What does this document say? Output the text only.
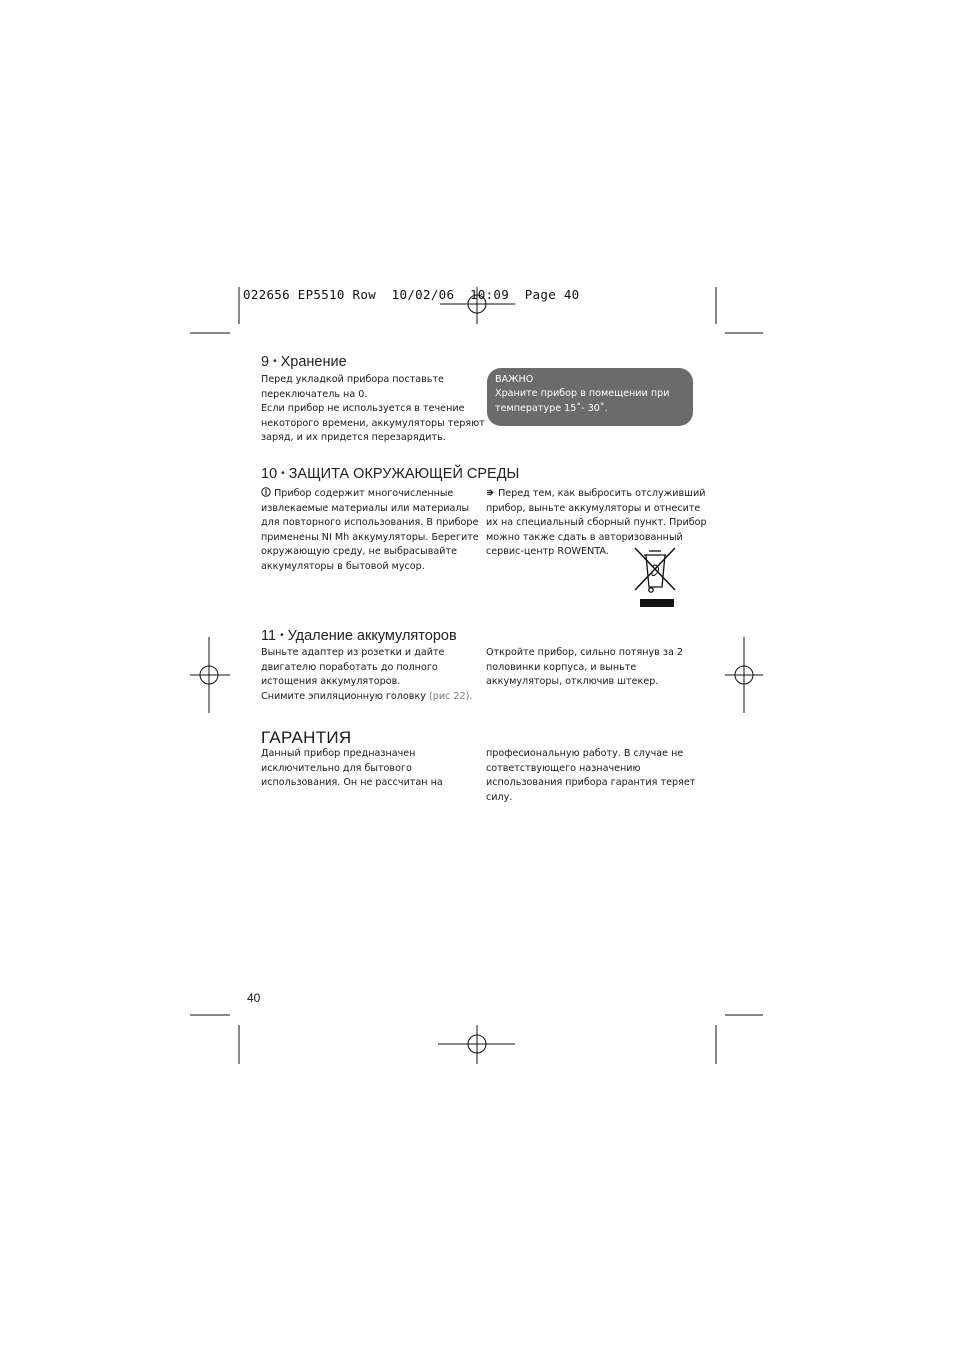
022656 EP5510 Row  10/02/06  10:09  Page 40
9 • Хранение
Перед укладкой прибора поставьте
переключатель на 0.
Если прибор не используется в течение
некоторого времени, аккумуляторы теряют
заряд, и их придется перезарядить.
ВАЖНО
Храните прибор в помещении при
температуре 15˚- 30˚.
10 • ЗАЩИТА ОКРУЖАЮЩЕЙ СРЕДЫ
Прибор содержит многочисленные
извлекаемые материалы или материалы
для повторного использования. В приборе
применены NI Mh аккумуляторы. Берегите
окружающую среду, не выбрасывайте
аккумуляторы в бытовой мусор.
Перед тем, как выбросить отслуживший
прибор, выньте аккумуляторы и отнесите
их на специальный сборный пункт. Прибор
можно также сдать в авторизованный
сервис-центр ROWENTA.
11 • Удаление аккумуляторов
Выньте адаптер из розетки и дайте
двигателю поработать до полного
истощения аккумуляторов.
Снимите эпиляционную головку (рис 22).
Откройте прибор, сильно потянув за 2
половинки корпуса, и выньте
аккумуляторы, отключив штекер.
ГАРАНТИЯ
Данный прибор предназначен
исключительно для бытового
использования. Он не рассчитан на
професиональную работу. В случае не
сответствующего назначению
использования прибора гарантия теряет
силу.
40
